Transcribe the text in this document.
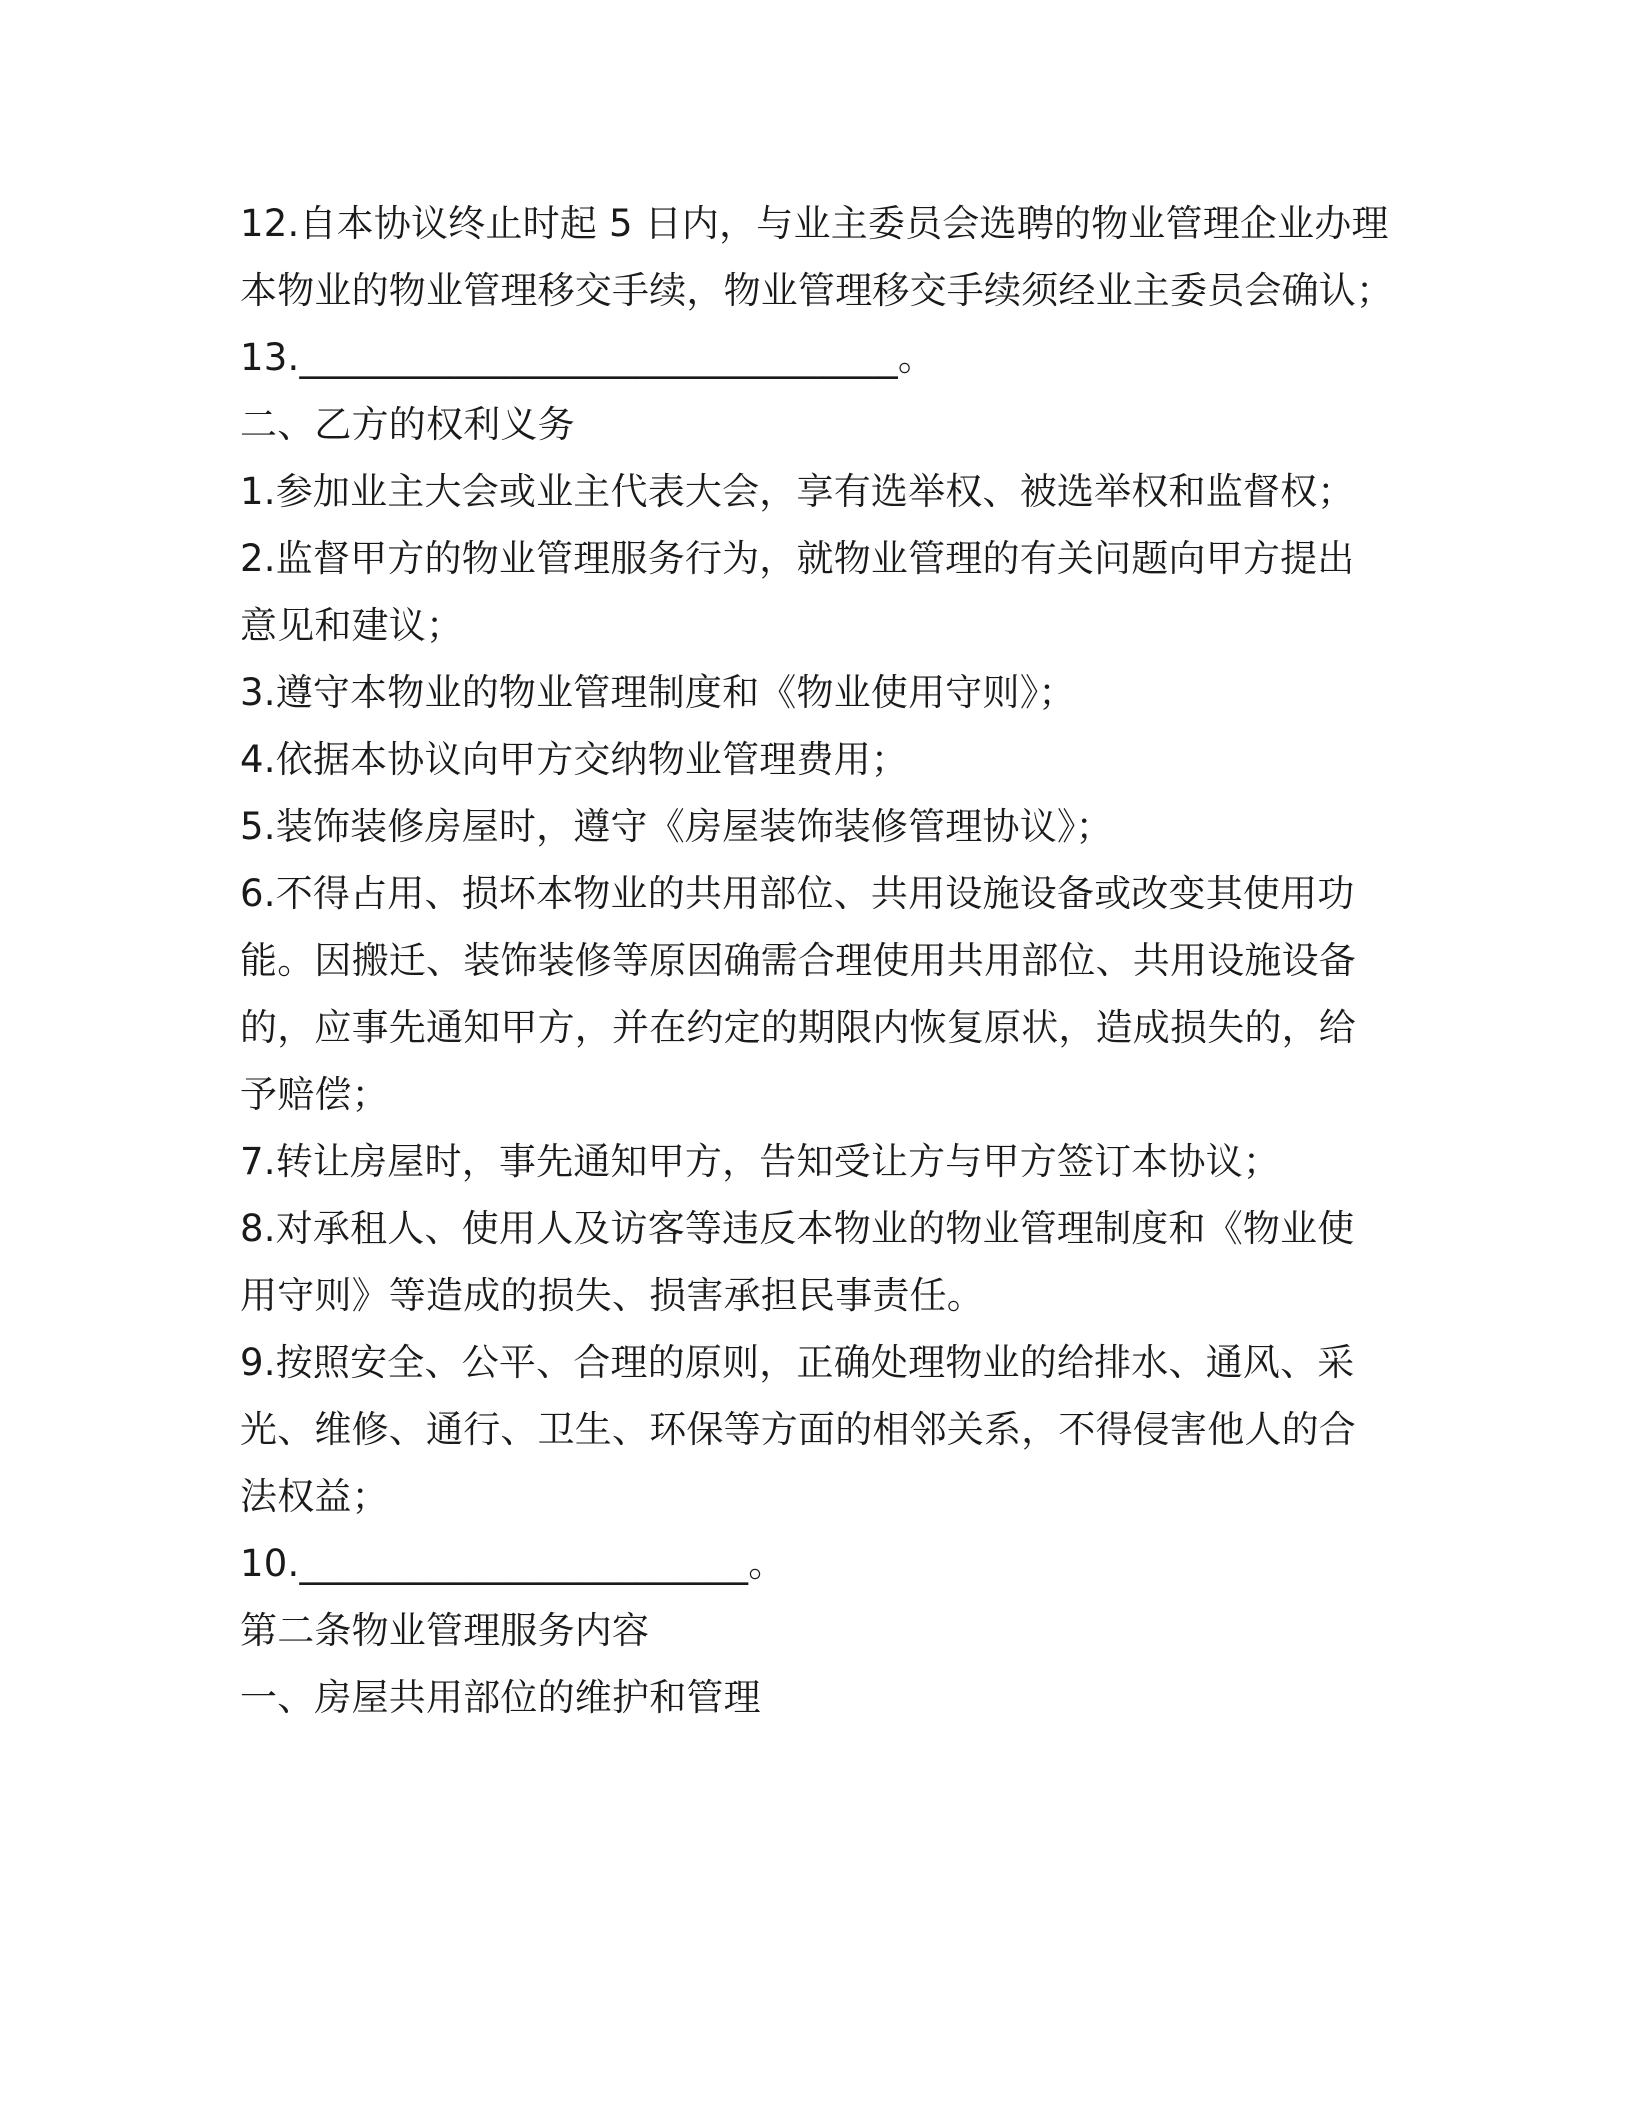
12.自本协议终止时起 5 日内，与业主委员会选聘的物业管理企业办理
本物业的物业管理移交手续，物业管理移交手续须经业主委员会确认；
13.________________________________。
二、乙方的权利义务
1.参加业主大会或业主代表大会，享有选举权、被选举权和监督权；
2.监督甲方的物业管理服务行为，就物业管理的有关问题向甲方提出
意见和建议；
3.遵守本物业的物业管理制度和《物业使用守则》；
4.依据本协议向甲方交纳物业管理费用；
5.装饰装修房屋时，遵守《房屋装饰装修管理协议》；
6.不得占用、损坏本物业的共用部位、共用设施设备或改变其使用功
能。因搬迁、装饰装修等原因确需合理使用共用部位、共用设施设备
的，应事先通知甲方，并在约定的期限内恢复原状，造成损失的，给
予赔偿；
7.转让房屋时，事先通知甲方，告知受让方与甲方签订本协议；
8.对承租人、使用人及访客等违反本物业的物业管理制度和《物业使
用守则》等造成的损失、损害承担民事责任。
9.按照安全、公平、合理的原则，正确处理物业的给排水、通风、采
光、维修、通行、卫生、环保等方面的相邻关系，不得侵害他人的合
法权益；
10.________________________。
第二条物业管理服务内容
一、房屋共用部位的维护和管理
